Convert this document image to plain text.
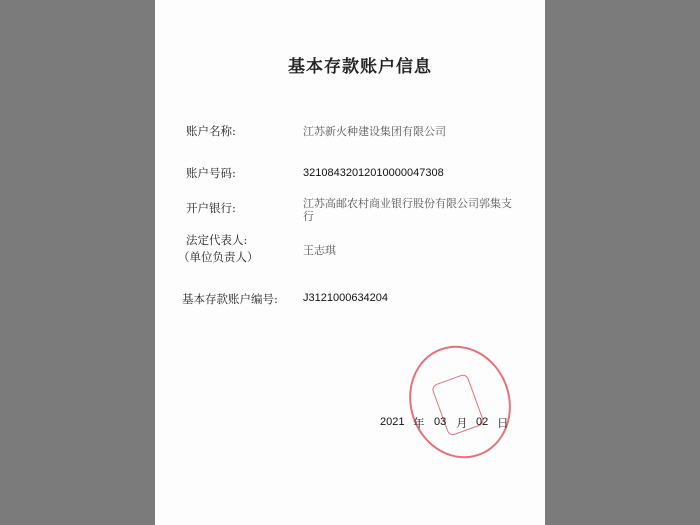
基本存款账户信息
账户名称:	江苏新火种建设集团有限公司
账户号码:	32108432012010000047308
开户银行:	江苏高邮农村商业银行股份有限公司郭集支
行
法定代表人:
（单位负责人）	王志琪
基本存款账户编号: J3121000634204
2021 年 03 月 02 日
